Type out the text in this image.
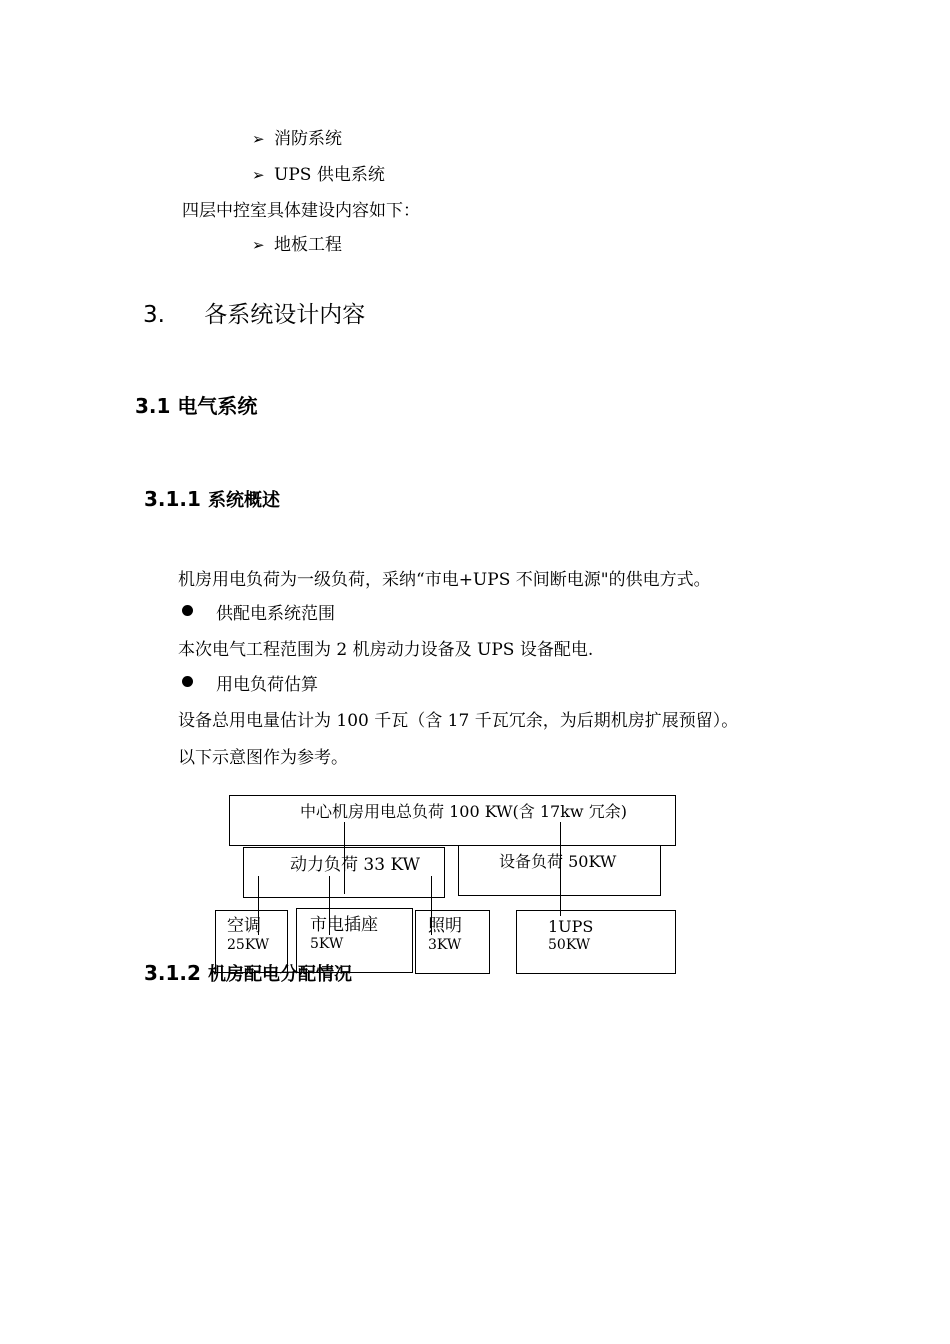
➢ 消防系统
➢ UPS 供电系统
四层中控室具体建设内容如下：
➢ 地板工程
3. 各系统设计内容
3.1 电气系统
3.1.1 系统概述
机房用电负荷为一级负荷，采纳“市电+UPS 不间断电源"的供电方式。
供配电系统范围
本次电气工程范围为 2 机房动力设备及 UPS 设备配电.
用电负荷估算
设备总用电量估计为 100 千瓦（含 17 千瓦冗余，为后期机房扩展预留）。
以下示意图作为参考。
3.1.2 机房配电分配情况
中心机房用电总负荷 100 KW(含 17kw 冗余)
动力负荷 33 KW	设备负荷 50KW
空调
25KW
市电插座
5KW
照明
3KW
1UPS
50KW
